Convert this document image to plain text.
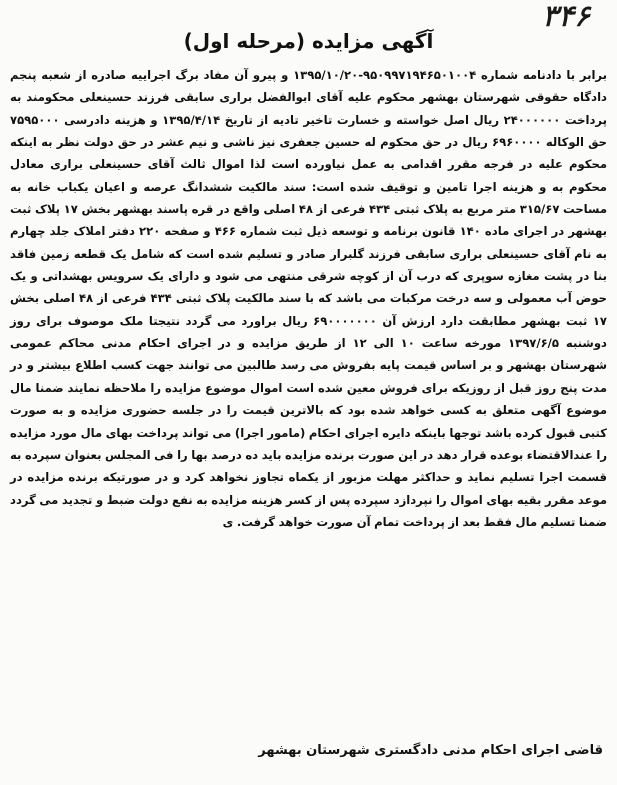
۳۴۶
آگهی مزایده (مرحله اول)
برابر با دادنامه شماره ۹۵۰۹۹۷۱۹۴۶۵۰۱۰۰۴-۱۳۹۵/۱۰/۲۰ و پیرو آن مفاد برگ اجراییه صادره از شعبه پنجم دادگاه حقوقی شهرستان بهشهر محکوم علیه آقای ابوالفضل براری سابقی فرزند حسینعلی محکومند به پرداخت ۲۴۰۰۰۰۰۰ ریال اصل خواسته و خسارت تاخیر تادیه از تاریخ ۱۳۹۵/۴/۱۴ و هزینه دادرسی ۷۵۹۵۰۰۰ حق الوکاله ۶۹۶۰۰۰۰ ریال در حق محکوم له حسین جعفری نیز ناشی و نیم عشر در حق دولت نظر به اینکه محکوم علیه در فرجه مقرر اقدامی به عمل نیاورده است لذا اموال ثالث آقای حسینعلی براری معادل محکوم به و هزینه اجرا تامین و توقیف شده است: سند مالکیت ششدانگ عرصه و اعیان یکباب خانه به مساحت ۳۱۵/۶۷ متر مربع به پلاک ثبتی ۴۳۴ فرعی از ۴۸ اصلی واقع در قره پاسند بهشهر بخش ۱۷ پلاک ثبت بهشهر در اجرای ماده ۱۴۰ قانون برنامه و توسعه ذیل ثبت شماره ۴۶۶ و صفحه ۲۲۰ دفتر املاک جلد چهارم به نام آقای حسینعلی براری سابقی فرزند گلبرار صادر و تسلیم شده است که شامل یک قطعه زمین فاقد بنا در پشت مغازه سوپری که درب آن از کوچه شرقی منتهی می شود و دارای یک سرویس بهشداتی و یک حوض آب معمولی و سه درخت مرکبات می باشد که با سند مالکیت پلاک ثبتی ۴۳۴ فرعی از ۴۸ اصلی بخش ۱۷ ثبت بهشهر مطابقت دارد ارزش آن ۶۹۰۰۰۰۰۰۰ ریال براورد می گردد نتیجتا ملک موصوف برای روز دوشنبه ۱۳۹۷/۶/۵ مورخه ساعت ۱۰ الی ۱۲ از طریق مزایده و در اجرای احکام مدنی محاکم عمومی شهرستان بهشهر و بر اساس قیمت پایه بفروش می رسد طالبین می توانند جهت کسب اطلاع بیشتر و در مدت پنج روز قبل از روزیکه برای فروش معین شده است اموال موضوع مزایده را ملاحظه نمایند ضمنا مال موضوع آگهی متعلق به کسی خواهد شده بود که بالاترین قیمت را در جلسه حضوری مزایده و به صورت کتبی قبول کرده باشد توجها باینکه دایره اجرای احکام (مامور اجرا) می تواند پرداخت بهای مال مورد مزایده را عندالاقتضاء بوعده قرار دهد در این صورت برنده مزایده باید ده درصد بها را فی المجلس بعنوان سپرده به قسمت اجرا تسلیم نماید و حداکثر مهلت مزبور از یکماه تجاوز نخواهد کرد و در صورتیکه برنده مزایده در موعد مقرر بقیه بهای اموال را نپردازد سپرده پس از کسر هزینه مزایده به نفع دولت ضبط و تجدید می گردد ضمنا تسلیم مال فقط بعد از پرداخت تمام آن صورت خواهد گرفت. ی
قاضی اجرای احکام مدنی دادگستری شهرستان بهشهر
